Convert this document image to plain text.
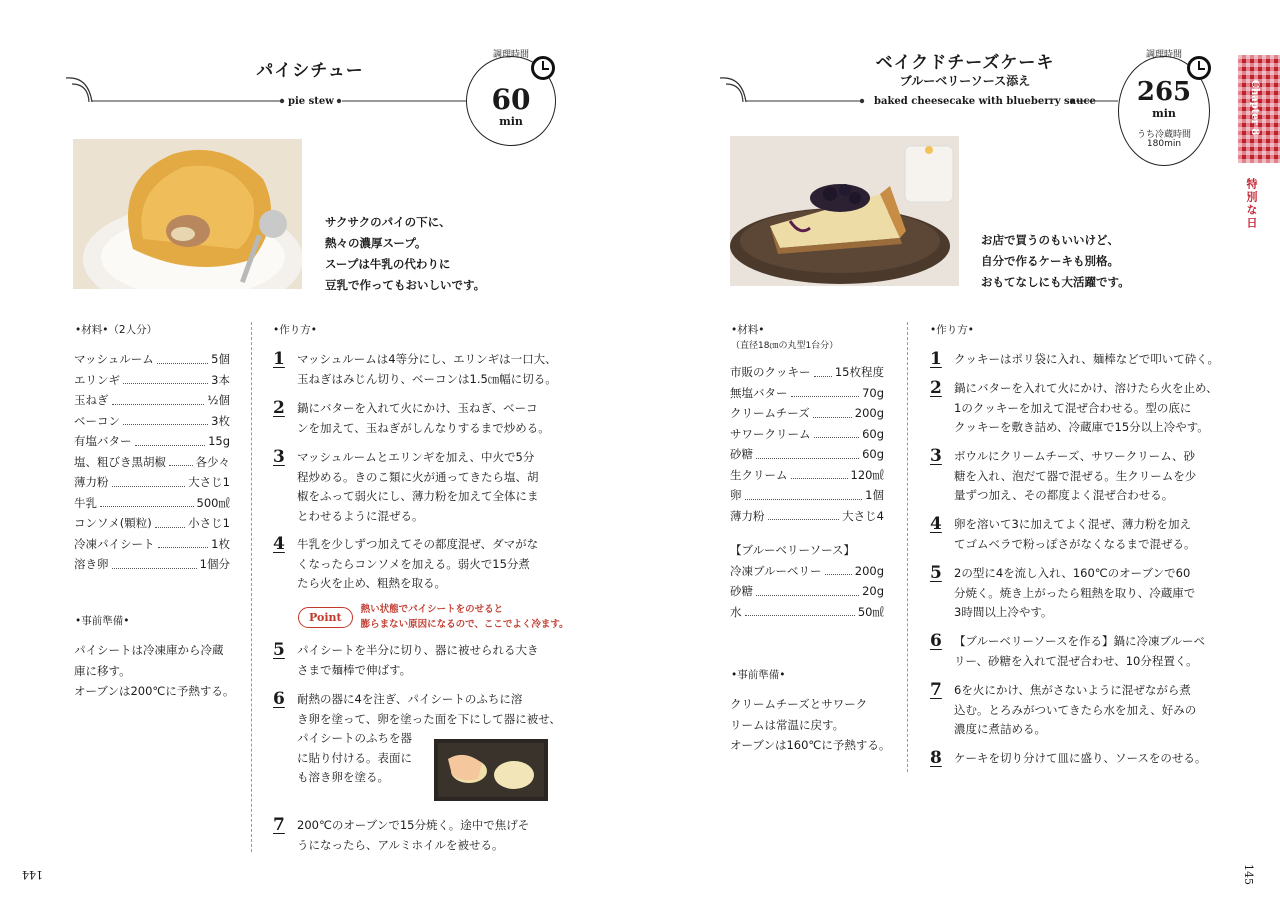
パイシチュー
pie stew
調理時間
60
min
サクサクのパイの下に、
熱々の濃厚スープ。
スープは牛乳の代わりに
豆乳で作ってもおいしいです。
•材料•（2人分）
マッシュルーム	5個
エリンギ	3本
玉ねぎ	½個
ベーコン	3枚
有塩バター	15g
塩、粗びき黒胡椒	各少々
薄力粉	大さじ1
牛乳	500㎖
コンソメ(顆粒)	小さじ1
冷凍パイシート	1枚
溶き卵	1個分
•事前準備•
パイシートは冷凍庫から冷蔵
庫に移す。
オーブンは200℃に予熱する。
•作り方•
1	マッシュルームは4等分にし、エリンギは一口大、
玉ねぎはみじん切り、ベーコンは1.5㎝幅に切る。
2	鍋にバターを入れて火にかけ、玉ねぎ、ベーコ
ンを加えて、玉ねぎがしんなりするまで炒める。
3	マッシュルームとエリンギを加え、中火で5分
程炒める。きのこ類に火が通ってきたら塩、胡
椒をふって弱火にし、薄力粉を加えて全体にま
とわせるように混ぜる。
4	牛乳を少しずつ加えてその都度混ぜ、ダマがな
くなったらコンソメを加える。弱火で15分煮
たら火を止め、粗熱を取る。
5	パイシートを半分に切り、器に被せられる大き
さまで麺棒で伸ばす。
6	耐熱の器に4を注ぎ、パイシートのふちに溶
き卵を塗って、卵を塗った面を下にして器に被せ、
パイシートのふちを器
に貼り付ける。表面に
も溶き卵を塗る。
7	200℃のオーブンで15分焼く。途中で焦げそ
うになったら、アルミホイルを被せる。
Point
熱い状態でパイシートをのせると
膨らまない原因になるので、ここでよく冷ます。
144
ベイクドチーズケーキ
ブルーベリーソース添え
baked cheesecake with blueberry sauce
調理時間
265
min
うち冷蔵時間
180min
Chapter 8
特別な日
お店で買うのもいいけど、
自分で作るケーキも別格。
おもてなしにも大活躍です。
•材料•
（直径18㎝の丸型1台分）
市販のクッキー 15枚程度
無塩バター	70g
クリームチーズ	200g
サワークリーム	60g
砂糖	60g
生クリーム	120㎖
卵	1個
薄力粉	大さじ4
【ブルーベリーソース】
冷凍ブルーベリー	200g
砂糖	20g
水	50㎖
•事前準備•
クリームチーズとサワーク
リームは常温に戻す。
オーブンは160℃に予熱する。
•作り方•
1	クッキーはポリ袋に入れ、麺棒などで叩いて砕く。
2	鍋にバターを入れて火にかけ、溶けたら火を止め、
1のクッキーを加えて混ぜ合わせる。型の底に
クッキーを敷き詰め、冷蔵庫で15分以上冷やす。
3	ボウルにクリームチーズ、サワークリーム、砂
糖を入れ、泡だて器で混ぜる。生クリームを少
量ずつ加え、その都度よく混ぜ合わせる。
4	卵を溶いて3に加えてよく混ぜ、薄力粉を加え
てゴムベラで粉っぽさがなくなるまで混ぜる。
5	2の型に4を流し入れ、160℃のオーブンで60
分焼く。焼き上がったら粗熱を取り、冷蔵庫で
3時間以上冷やす。
6	【ブルーベリーソースを作る】鍋に冷凍ブルーベ
リー、砂糖を入れて混ぜ合わせ、10分程置く。
7	6を火にかけ、焦がさないように混ぜながら煮
込む。とろみがついてきたら水を加え、好みの
濃度に煮詰める。
8	ケーキを切り分けて皿に盛り、ソースをのせる。
145
